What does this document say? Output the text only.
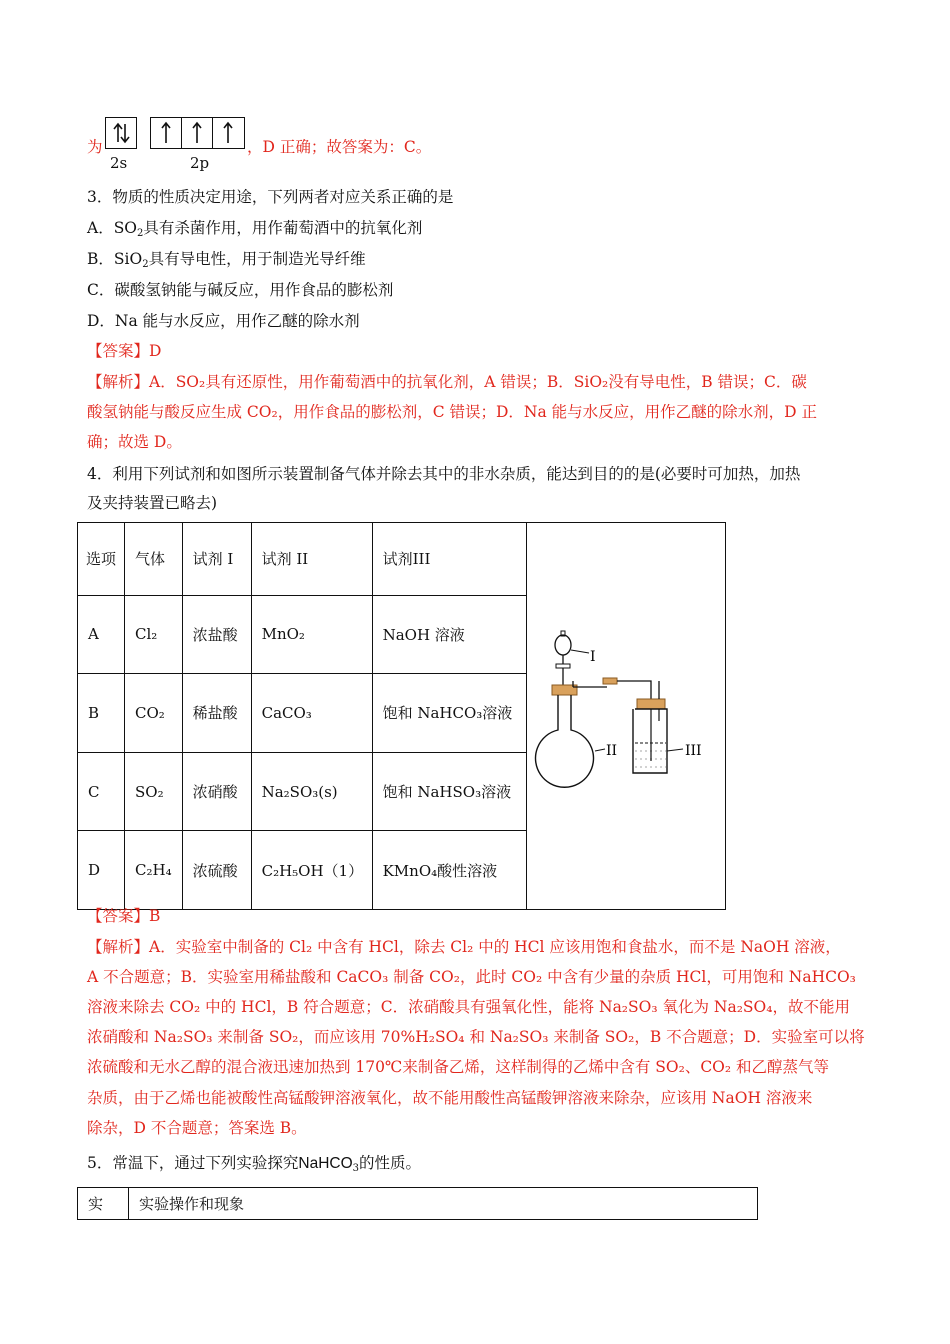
为
2s	2p
，D 正确；故答案为：C。
3．物质的性质决定用途，下列两者对应关系正确的是
A．$SO_2$具有杀菌作用，用作葡萄酒中的抗氧化剂
B．SiO$_2$具有导电性，用于制造光导纤维
C．碳酸氢钠能与碱反应，用作食品的膨松剂
D．Na 能与水反应，用作乙醚的除水剂
【答案】D
【解析】A．SO₂具有还原性，用作葡萄酒中的抗氧化剂，A 错误；B．SiO₂没有导电性，B 错误；C．碳
酸氢钠能与酸反应生成 CO₂，用作食品的膨松剂，C 错误；D．Na 能与水反应，用作乙醚的除水剂，D 正
确；故选 D。
4．利用下列试剂和如图所示装置制备气体并除去其中的非水杂质，能达到目的的是(必要时可加热，加热
及夹持装置已略去)
选项	气体	试剂 I	试剂 II	试剂III	I
II III

A	Cl₂	浓盐酸	MnO₂	NaOH 溶液	
B	CO₂	稀盐酸	CaCO₃	饱和 NaHCO₃溶液	
C	SO₂	浓硝酸	Na₂SO₃(s)	饱和 NaHSO₃溶液	
D	C₂H₄	浓硫酸	C₂H₅OH（1）	KMnO₄酸性溶液	
【答案】B
【解析】A．实验室中制备的 Cl₂ 中含有 HCl，除去 Cl₂ 中的 HCl 应该用饱和食盐水，而不是 NaOH 溶液，
A 不合题意；B．实验室用稀盐酸和 CaCO₃ 制备 CO₂，此时 CO₂ 中含有少量的杂质 HCl，可用饱和 NaHCO₃
溶液来除去 CO₂ 中的 HCl，B 符合题意；C．浓硝酸具有强氧化性，能将 Na₂SO₃ 氧化为 Na₂SO₄，故不能用
浓硝酸和 Na₂SO₃ 来制备 SO₂，而应该用 70%H₂SO₄ 和 Na₂SO₃ 来制备 SO₂，B 不合题意；D．实验室可以将
浓硫酸和无水乙醇的混合液迅速加热到 170℃来制备乙烯，这样制得的乙烯中含有 SO₂、CO₂ 和乙醇蒸气等
杂质，由于乙烯也能被酸性高锰酸钾溶液氧化，故不能用酸性高锰酸钾溶液来除杂，应该用 NaOH 溶液来
除杂，D 不合题意；答案选 B。
5．常温下，通过下列实验探究NaHCO$_3$的性质。
实	实验操作和现象
